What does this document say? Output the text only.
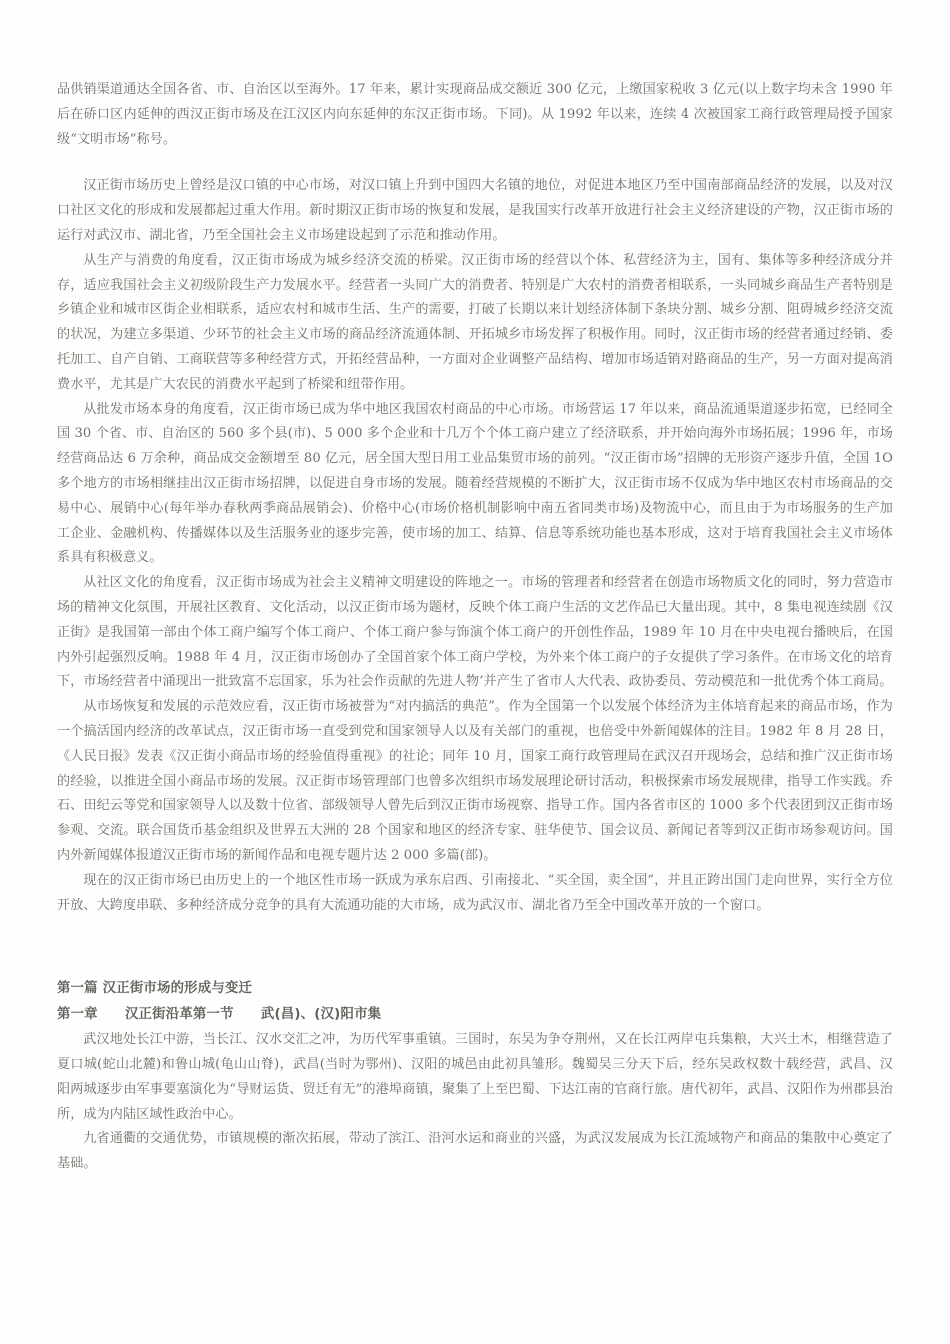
品供销渠道通达全国各省、市、自治区以至海外。17 年来，累计实现商品成交额近 300 亿元，上缴国家税收 3 亿元(以上数字均未含 1990 年后在硚口区内延伸的西汉正街市场及在江汉区内向东延伸的东汉正街市场。下同)。从 1992 年以来，连续 4 次被国家工商行政管理局授予国家级“文明市场”称号。

汉正街市场历史上曾经是汉口镇的中心市场，对汉口镇上升到中国四大名镇的地位，对促进本地区乃至中国南部商品经济的发展，以及对汉口社区文化的形成和发展都起过重大作用。新时期汉正街市场的恢复和发展，是我国实行改革开放进行社会主义经济建设的产物，汉正街市场的运行对武汉市、湖北省，乃至全国社会主义市场建设起到了示范和推动作用。

从生产与消费的角度看，汉正街市场成为城乡经济交流的桥梁。汉正街市场的经营以个体、私营经济为主，国有、集体等多种经济成分并存，适应我国社会主义初级阶段生产力发展水平。经营者一头同广大的消费者、特别是广大农村的消费者相联系，一头同城乡商品生产者特别是乡镇企业和城市区街企业相联系，适应农村和城市生活、生产的需要，打破了长期以来计划经济体制下条块分割、城乡分割、阻碍城乡经济交流的状况，为建立多渠道、少环节的社会主义市场的商品经济流通体制、开拓城乡市场发挥了积极作用。同时，汉正街市场的经营者通过经销、委托加工、自产自销、工商联营等多种经营方式，开拓经营品种，一方面对企业调整产品结构、增加市场适销对路商品的生产，另一方面对提高消费水平，尤其是广大农民的消费水平起到了桥梁和纽带作用。

从批发市场本身的角度看，汉正街市场已成为华中地区我国农村商品的中心市场。市场营运 17 年以来，商品流通渠道逐步拓宽，已经同全国 30 个省、市、自治区的 560 多个县(市)、5 000 多个企业和十几万个个体工商户建立了经济联系，并开始向海外市场拓展；1996 年，市场经营商品达 6 万余种，商品成交金额增至 80 亿元，居全国大型日用工业品集贸市场的前列。“汉正街市场”招牌的无形资产逐步升值，全国 1O 多个地方的市场相继挂出汉正街市场招牌，以促进自身市场的发展。随着经营规模的不断扩大，汉正街市场不仅成为华中地区农村市场商品的交易中心、展销中心(每年举办春秋两季商品展销会)、价格中心(市场价格机制影响中南五省同类市场)及物流中心，而且由于为市场服务的生产加工企业、金融机构、传播媒体以及生活服务业的逐步完善，使市场的加工、结算、信息等系统功能也基本形成，这对于培育我国社会主义市场体系具有积极意义。

从社区文化的角度看，汉正街市场成为社会主义精神文明建设的阵地之一。市场的管理者和经营者在创造市场物质文化的同时，努力营造市场的精神文化氛围，开展社区教育、文化活动，以汉正街市场为题材，反映个体工商户生活的文艺作品已大量出现。其中，8 集电视连续剧《汉正街》是我国第一部由个体工商户编写个体工商户、个体工商户参与饰演个体工商户的开创性作品，1989 年 10 月在中央电视台播映后，在国内外引起强烈反响。1988 年 4 月，汉正街市场创办了全国首家个体工商户学校，为外来个体工商户的子女提供了学习条件。在市场文化的培育下，市场经营者中涌现出一批致富不忘国家，乐为社会作贡献的先进人物’并产生了省市人大代表、政协委员、劳动模范和一批优秀个体工商局。

从市场恢复和发展的示范效应看，汉正街市场被誉为“对内搞活的典范”。作为全国第一个以发展个体经济为主体培育起来的商品市场，作为一个搞活国内经济的改革试点，汉正街市场一直受到党和国家领导人以及有关部门的重视，也倍受中外新闻媒体的注目。1982 年 8 月 28 日，《人民日报》发表《汉正街小商品市场的经验值得重视》的社论；同年 10 月，国家工商行政管理局在武汉召开现场会，总结和推广汉正街市场的经验，以推进全国小商品市场的发展。汉正街市场管理部门也曾多次组织市场发展理论研讨活动，积极探索市场发展规律，指导工作实践。乔石、田纪云等党和国家领导人以及数十位省、部级领导人曾先后到汉正街市场视察、指导工作。国内各省市区的 1000 多个代表团到汉正街市场参观、交流。联合国货币基金组织及世界五大洲的 28 个国家和地区的经济专家、驻华使节、国会议员、新闻记者等到汉正街市场参观访问。国内外新闻媒体报道汉正街市场的新闻作品和电视专题片达 2 000 多篇(部)。

现在的汉正街市场已由历史上的一个地区性市场一跃成为承东启西、引南接北、“买全国，卖全国”，并且正跨出国门走向世界，实行全方位开放、大跨度串联、多种经济成分竞争的具有大流通功能的大市场，成为武汉市、湖北省乃至全中国改革开放的一个窗口。

第一篇 汉正街市场的形成与变迁
第一章　　汉正街沿革第一节　　武(昌)、(汉)阳市集

武汉地处长江中游，当长江、汉水交汇之冲，为历代军事重镇。三国时，东吴为争夺荆州，又在长江两岸屯兵集粮，大兴土木，相继营造了夏口城(蛇山北麓)和鲁山城(龟山山脊)，武昌(当时为鄂州)、汉阳的城邑由此初具雏形。魏蜀吴三分天下后，经东吴政权数十载经营，武昌、汉阳两城逐步由军事要塞演化为“导财运货、贸迁有无”的港埠商镇，聚集了上至巴蜀、下达江南的官商行旅。唐代初年，武昌、汉阳作为州郡县治所，成为内陆区域性政治中心。

九省通衢的交通优势，市镇规模的渐次拓展，带动了滨江、沿河水运和商业的兴盛，为武汉发展成为长江流域物产和商品的集散中心奠定了基础。
